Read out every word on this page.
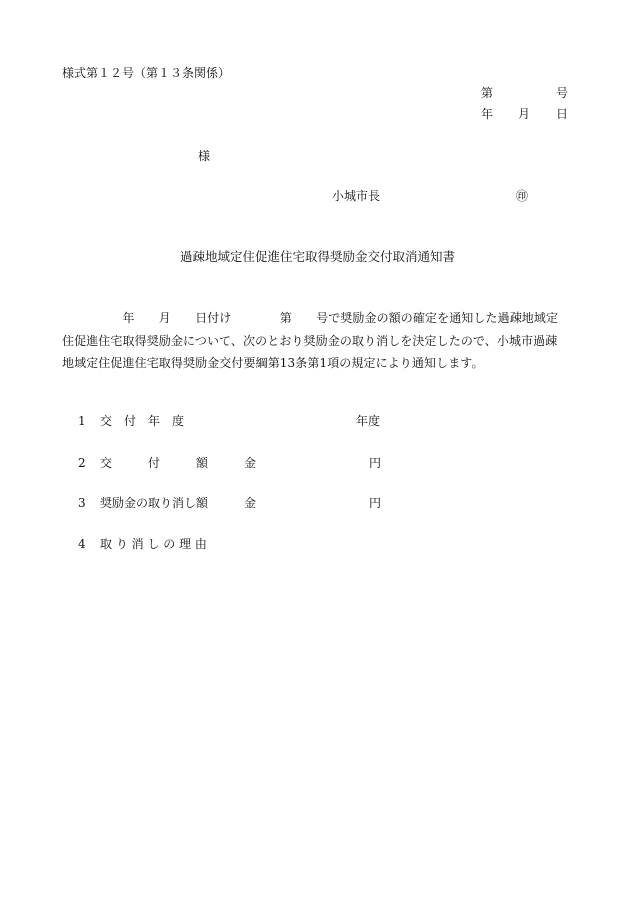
様式第１２号（第１３条関係）
第	号
年 月 日
様
小城市長	㊞
過疎地域定住促進住宅取得奨励金交付取消通知書
　　　　　年　　月　　日付け　　　　第　　号で奨励金の額の確定を通知した過疎地域定
住促進住宅取得奨励金について、次のとおり奨励金の取り消しを決定したので、小城市過疎
地域定住促進住宅取得奨励金交付要綱第13条第1項の規定により通知します。
1 交　付　年　度	年度
2 交　　　付　　　額　　　金	円
3 奨励金の取り消し額　　　金	円
4 取 り 消 し の 理 由
